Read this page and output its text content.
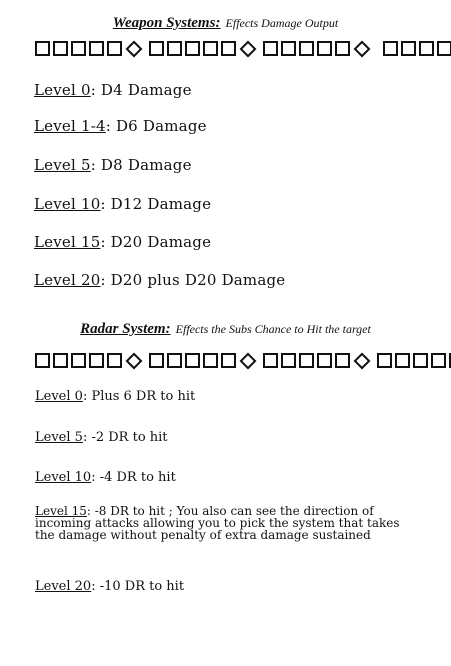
Weapon Systems: Effects Damage Output
Level 0: D4 Damage
Level 1-4: D6 Damage
Level 5: D8 Damage
Level 10: D12 Damage
Level 15: D20 Damage
Level 20: D20 plus D20 Damage
Radar System: Effects the Subs Chance to Hit the target
Level 0: Plus 6 DR to hit
Level 5: -2 DR to hit
Level 10: -4 DR to hit
Level 15: -8 DR to hit ; You also can see the direction of incoming attacks allowing you to pick the system that takes the damage without penalty of extra damage sustained
Level 20: -10 DR to hit
